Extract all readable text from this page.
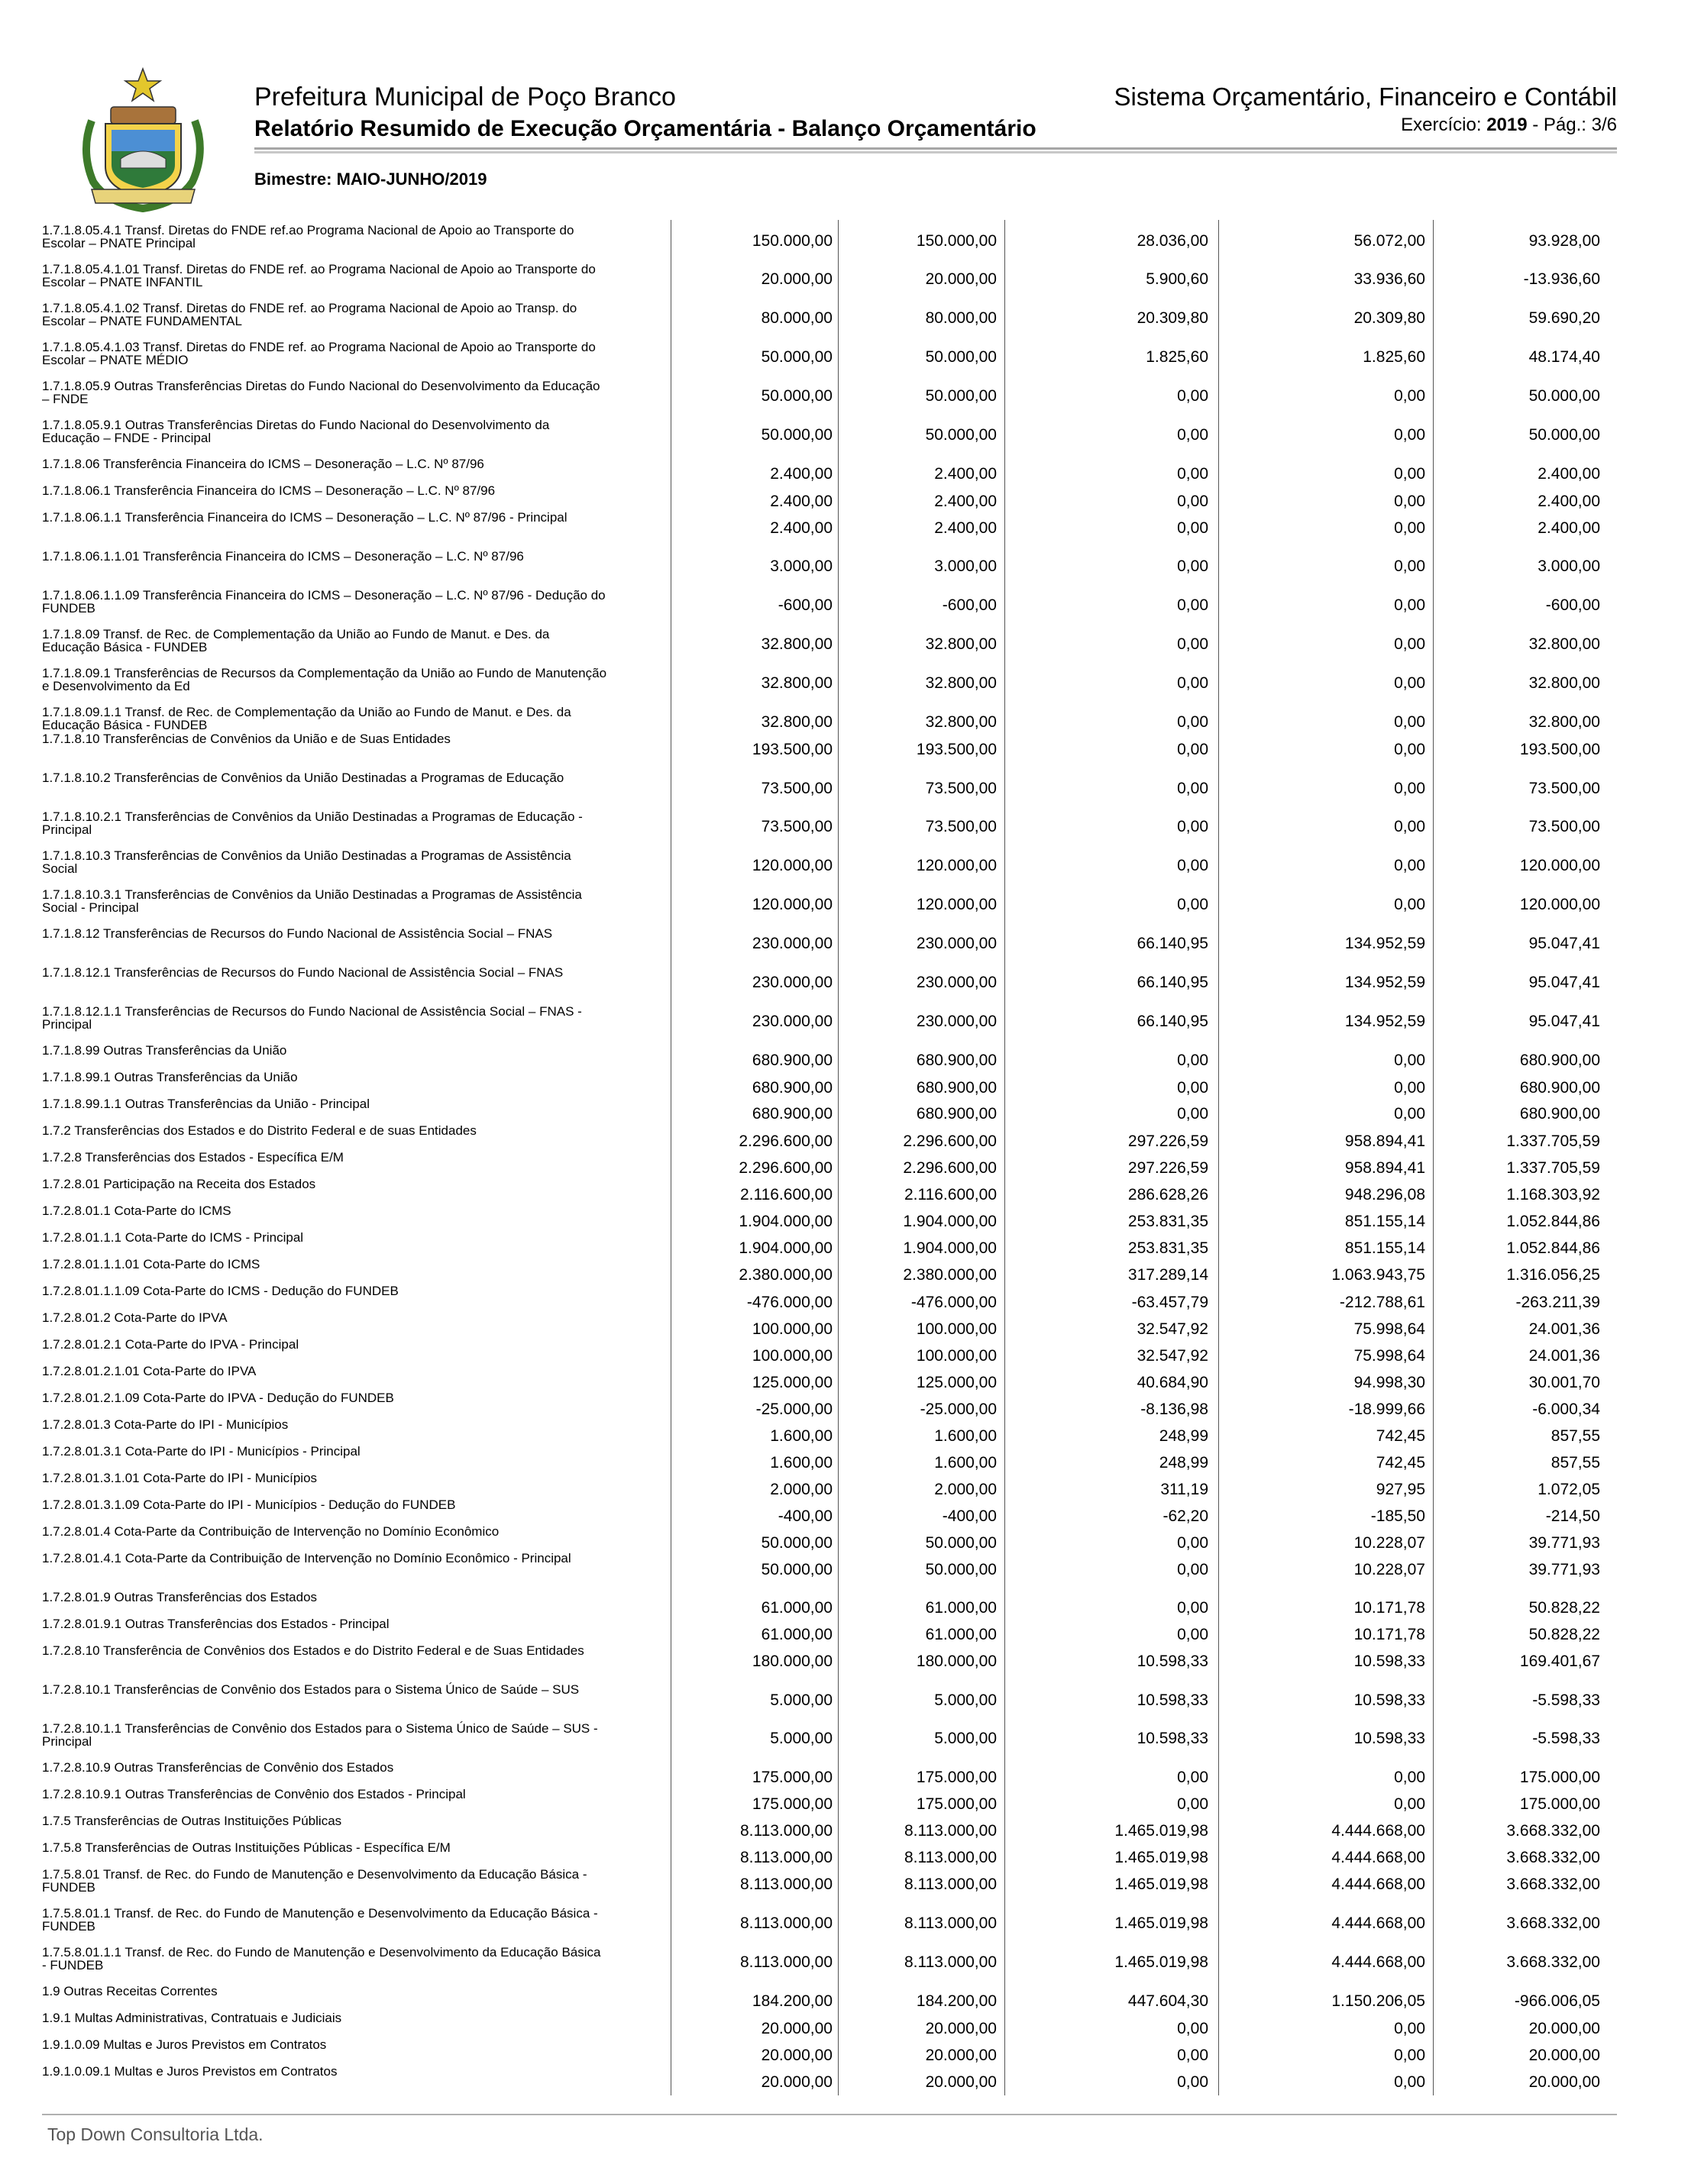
Prefeitura Municipal de Poço Branco
Relatório Resumido de Execução Orçamentária - Balanço Orçamentário
Sistema Orçamentário, Financeiro e Contábil
Exercício: 2019 - Pág.: 3/6
Bimestre: MAIO-JUNHO/2019
1.7.1.8.05.4.1 Transf. Diretas do FNDE ref.ao Programa Nacional de Apoio ao Transporte do Escolar – PNATE Principal	150.000,00	150.000,00	28.036,00	56.072,00	93.928,00
1.7.1.8.05.4.1.01 Transf. Diretas do FNDE ref. ao Programa Nacional de Apoio ao Transporte do Escolar – PNATE INFANTIL	20.000,00	20.000,00	5.900,60	33.936,60	-13.936,60
1.7.1.8.05.4.1.02 Transf. Diretas do FNDE ref. ao Programa Nacional de Apoio ao Transp. do Escolar – PNATE FUNDAMENTAL	80.000,00	80.000,00	20.309,80	20.309,80	59.690,20
1.7.1.8.05.4.1.03 Transf. Diretas do FNDE ref. ao Programa Nacional de Apoio ao Transporte do Escolar – PNATE MÉDIO	50.000,00	50.000,00	1.825,60	1.825,60	48.174,40
1.7.1.8.05.9 Outras Transferências Diretas do Fundo Nacional do Desenvolvimento da Educação – FNDE	50.000,00	50.000,00	0,00	0,00	50.000,00
1.7.1.8.05.9.1 Outras Transferências Diretas do Fundo Nacional do Desenvolvimento da Educação – FNDE - Principal	50.000,00	50.000,00	0,00	0,00	50.000,00
1.7.1.8.06 Transferência Financeira do ICMS – Desoneração – L.C. Nº 87/96
2.400,00	2.400,00	0,00	0,00	2.400,00
1.7.1.8.06.1 Transferência Financeira do ICMS – Desoneração – L.C. Nº 87/96
2.400,00	2.400,00	0,00	0,00	2.400,00
1.7.1.8.06.1.1 Transferência Financeira do ICMS – Desoneração – L.C. Nº 87/96 - Principal
2.400,00	2.400,00	0,00	0,00	2.400,00
1.7.1.8.06.1.1.01 Transferência Financeira do ICMS – Desoneração – L.C. Nº 87/96
3.000,00	3.000,00	0,00	0,00	3.000,00
1.7.1.8.06.1.1.09 Transferência Financeira do ICMS – Desoneração – L.C. Nº 87/96 - Dedução do FUNDEB	-600,00	-600,00	0,00	0,00	-600,00
1.7.1.8.09 Transf. de Rec. de Complementação da União ao Fundo de Manut. e Des. da Educação Básica - FUNDEB	32.800,00	32.800,00	0,00	0,00	32.800,00
1.7.1.8.09.1 Transferências de Recursos da Complementação da União ao Fundo de Manutenção e Desenvolvimento da Ed	32.800,00	32.800,00	0,00	0,00	32.800,00
1.7.1.8.09.1.1 Transf. de Rec. de Complementação da União ao Fundo de Manut. e Des. da Educação Básica - FUNDEB	32.800,00	32.800,00	0,00	0,00	32.800,00
1.7.1.8.10 Transferências de Convênios da União e de Suas Entidades
193.500,00	193.500,00	0,00	0,00	193.500,00
1.7.1.8.10.2 Transferências de Convênios da União Destinadas a Programas de Educação
73.500,00	73.500,00	0,00	0,00	73.500,00
1.7.1.8.10.2.1 Transferências de Convênios da União Destinadas a Programas de Educação - Principal	73.500,00	73.500,00	0,00	0,00	73.500,00
1.7.1.8.10.3 Transferências de Convênios da União Destinadas a Programas de Assistência Social	120.000,00	120.000,00	0,00	0,00	120.000,00
1.7.1.8.10.3.1 Transferências de Convênios da União Destinadas a Programas de Assistência Social - Principal	120.000,00	120.000,00	0,00	0,00	120.000,00
1.7.1.8.12 Transferências de Recursos do Fundo Nacional de Assistência Social – FNAS
230.000,00	230.000,00	66.140,95	134.952,59	95.047,41
1.7.1.8.12.1 Transferências de Recursos do Fundo Nacional de Assistência Social – FNAS
230.000,00	230.000,00	66.140,95	134.952,59	95.047,41
1.7.1.8.12.1.1 Transferências de Recursos do Fundo Nacional de Assistência Social – FNAS - Principal	230.000,00	230.000,00	66.140,95	134.952,59	95.047,41
1.7.1.8.99 Outras Transferências da União
680.900,00	680.900,00	0,00	0,00	680.900,00
1.7.1.8.99.1 Outras Transferências da União
680.900,00	680.900,00	0,00	0,00	680.900,00
1.7.1.8.99.1.1 Outras Transferências da União - Principal
680.900,00	680.900,00	0,00	0,00	680.900,00
1.7.2 Transferências dos Estados e do Distrito Federal e de suas Entidades
2.296.600,00	2.296.600,00	297.226,59	958.894,41	1.337.705,59
1.7.2.8 Transferências dos Estados - Específica E/M
2.296.600,00	2.296.600,00	297.226,59	958.894,41	1.337.705,59
1.7.2.8.01 Participação na Receita dos Estados
2.116.600,00	2.116.600,00	286.628,26	948.296,08	1.168.303,92
1.7.2.8.01.1 Cota-Parte do ICMS
1.904.000,00	1.904.000,00	253.831,35	851.155,14	1.052.844,86
1.7.2.8.01.1.1 Cota-Parte do ICMS - Principal
1.904.000,00	1.904.000,00	253.831,35	851.155,14	1.052.844,86
1.7.2.8.01.1.1.01 Cota-Parte do ICMS
2.380.000,00	2.380.000,00	317.289,14	1.063.943,75	1.316.056,25
1.7.2.8.01.1.1.09 Cota-Parte do ICMS - Dedução do FUNDEB
-476.000,00	-476.000,00	-63.457,79	-212.788,61	-263.211,39
1.7.2.8.01.2 Cota-Parte do IPVA
100.000,00	100.000,00	32.547,92	75.998,64	24.001,36
1.7.2.8.01.2.1 Cota-Parte do IPVA - Principal
100.000,00	100.000,00	32.547,92	75.998,64	24.001,36
1.7.2.8.01.2.1.01 Cota-Parte do IPVA
125.000,00	125.000,00	40.684,90	94.998,30	30.001,70
1.7.2.8.01.2.1.09 Cota-Parte do IPVA - Dedução do FUNDEB
-25.000,00	-25.000,00	-8.136,98	-18.999,66	-6.000,34
1.7.2.8.01.3 Cota-Parte do IPI - Municípios
1.600,00	1.600,00	248,99	742,45	857,55
1.7.2.8.01.3.1 Cota-Parte do IPI - Municípios - Principal
1.600,00	1.600,00	248,99	742,45	857,55
1.7.2.8.01.3.1.01 Cota-Parte do IPI - Municípios
2.000,00	2.000,00	311,19	927,95	1.072,05
1.7.2.8.01.3.1.09 Cota-Parte do IPI - Municípios - Dedução do FUNDEB
-400,00	-400,00	-62,20	-185,50	-214,50
1.7.2.8.01.4 Cota-Parte da Contribuição de Intervenção no Domínio Econômico
50.000,00	50.000,00	0,00	10.228,07	39.771,93
1.7.2.8.01.4.1 Cota-Parte da Contribuição de Intervenção no Domínio Econômico - Principal
50.000,00	50.000,00	0,00	10.228,07	39.771,93
1.7.2.8.01.9 Outras Transferências dos Estados
61.000,00	61.000,00	0,00	10.171,78	50.828,22
1.7.2.8.01.9.1 Outras Transferências dos Estados - Principal
61.000,00	61.000,00	0,00	10.171,78	50.828,22
1.7.2.8.10 Transferência de Convênios dos Estados e do Distrito Federal e de Suas Entidades
180.000,00	180.000,00	10.598,33	10.598,33	169.401,67
1.7.2.8.10.1 Transferências de Convênio dos Estados para o Sistema Único de Saúde – SUS
5.000,00	5.000,00	10.598,33	10.598,33	-5.598,33
1.7.2.8.10.1.1 Transferências de Convênio dos Estados para o Sistema Único de Saúde – SUS - Principal	5.000,00	5.000,00	10.598,33	10.598,33	-5.598,33
1.7.2.8.10.9 Outras Transferências de Convênio dos Estados
175.000,00	175.000,00	0,00	0,00	175.000,00
1.7.2.8.10.9.1 Outras Transferências de Convênio dos Estados - Principal
175.000,00	175.000,00	0,00	0,00	175.000,00
1.7.5 Transferências de Outras Instituições Públicas
8.113.000,00	8.113.000,00	1.465.019,98	4.444.668,00	3.668.332,00
1.7.5.8 Transferências de Outras Instituições Públicas - Específica E/M
8.113.000,00	8.113.000,00	1.465.019,98	4.444.668,00	3.668.332,00
1.7.5.8.01 Transf. de Rec. do Fundo de Manutenção e Desenvolvimento da Educação Básica - FUNDEB	8.113.000,00	8.113.000,00	1.465.019,98	4.444.668,00	3.668.332,00
1.7.5.8.01.1 Transf. de Rec. do Fundo de Manutenção e Desenvolvimento da Educação Básica - FUNDEB	8.113.000,00	8.113.000,00	1.465.019,98	4.444.668,00	3.668.332,00
1.7.5.8.01.1.1 Transf. de Rec. do Fundo de Manutenção e Desenvolvimento da Educação Básica - FUNDEB	8.113.000,00	8.113.000,00	1.465.019,98	4.444.668,00	3.668.332,00
1.9 Outras Receitas Correntes
184.200,00	184.200,00	447.604,30	1.150.206,05	-966.006,05
1.9.1 Multas Administrativas, Contratuais e Judiciais
20.000,00	20.000,00	0,00	0,00	20.000,00
1.9.1.0.09 Multas e Juros Previstos em Contratos
20.000,00	20.000,00	0,00	0,00	20.000,00
1.9.1.0.09.1 Multas e Juros Previstos em Contratos
20.000,00	20.000,00	0,00	0,00	20.000,00
Top Down Consultoria Ltda.
